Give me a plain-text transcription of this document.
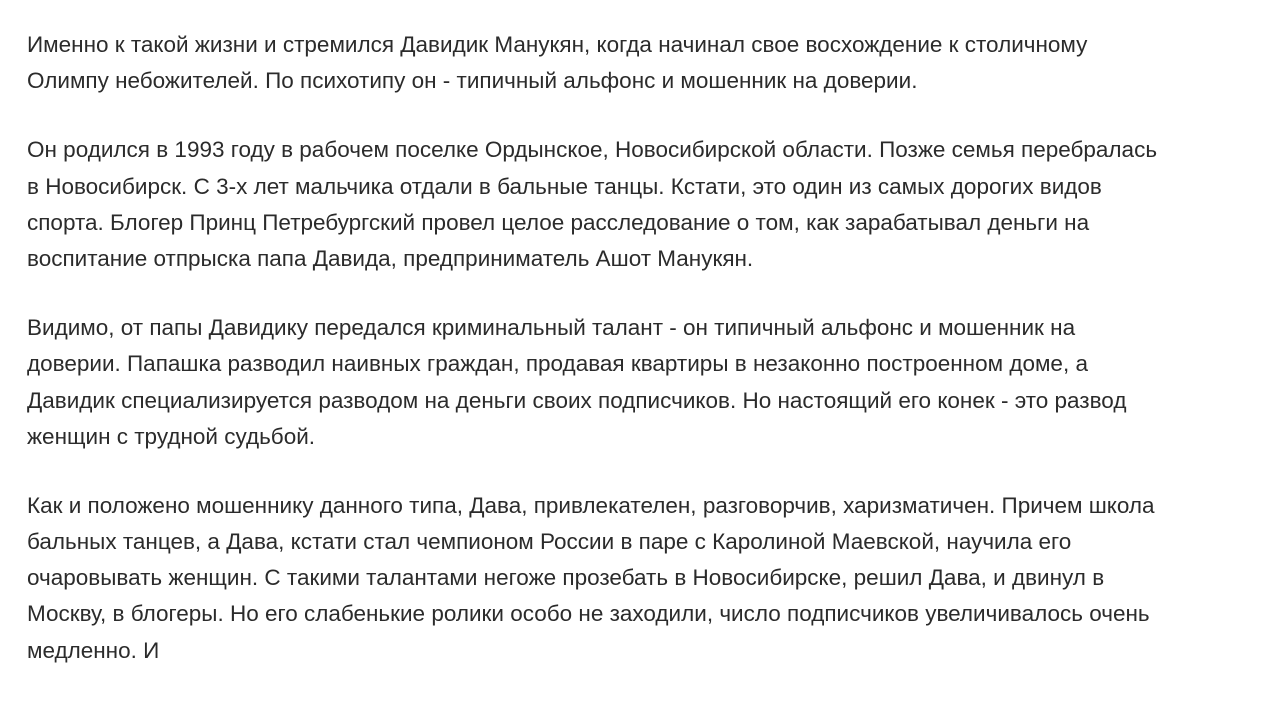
Именно к такой жизни и стремился Давидик Манукян, когда начинал свое восхождение к столичному
Олимпу небожителей. По психотипу он - типичный альфонс и мошенник на доверии.

Он родился в 1993 году в рабочем поселке Ордынское, Новосибирской области. Позже семья перебралась
в Новосибирск. С 3-х лет мальчика отдали в бальные танцы. Кстати, это один из самых дорогих видов
спорта. Блогер Принц Петребургский провел целое расследование о том, как зарабатывал деньги на
воспитание отпрыска папа Давида, предприниматель Ашот Манукян.

Видимо, от папы Давидику передался криминальный талант - он типичный альфонс и мошенник на
доверии. Папашка разводил наивных граждан, продавая квартиры в незаконно построенном доме, а
Давидик специализируется разводом на деньги своих подписчиков. Но настоящий его конек - это развод
женщин с трудной судьбой.

Как и положено мошеннику данного типа, Дава, привлекателен, разговорчив, харизматичен. Причем школа
бальных танцев, а Дава, кстати стал чемпионом России в паре с Каролиной Маевской, научила его
очаровывать женщин. С такими талантами негоже прозебать в Новосибирске, решил Дава, и двинул в
Москву, в блогеры. Но его слабенькие ролики особо не заходили, число подписчиков увеличивалось очень
медленно. И
